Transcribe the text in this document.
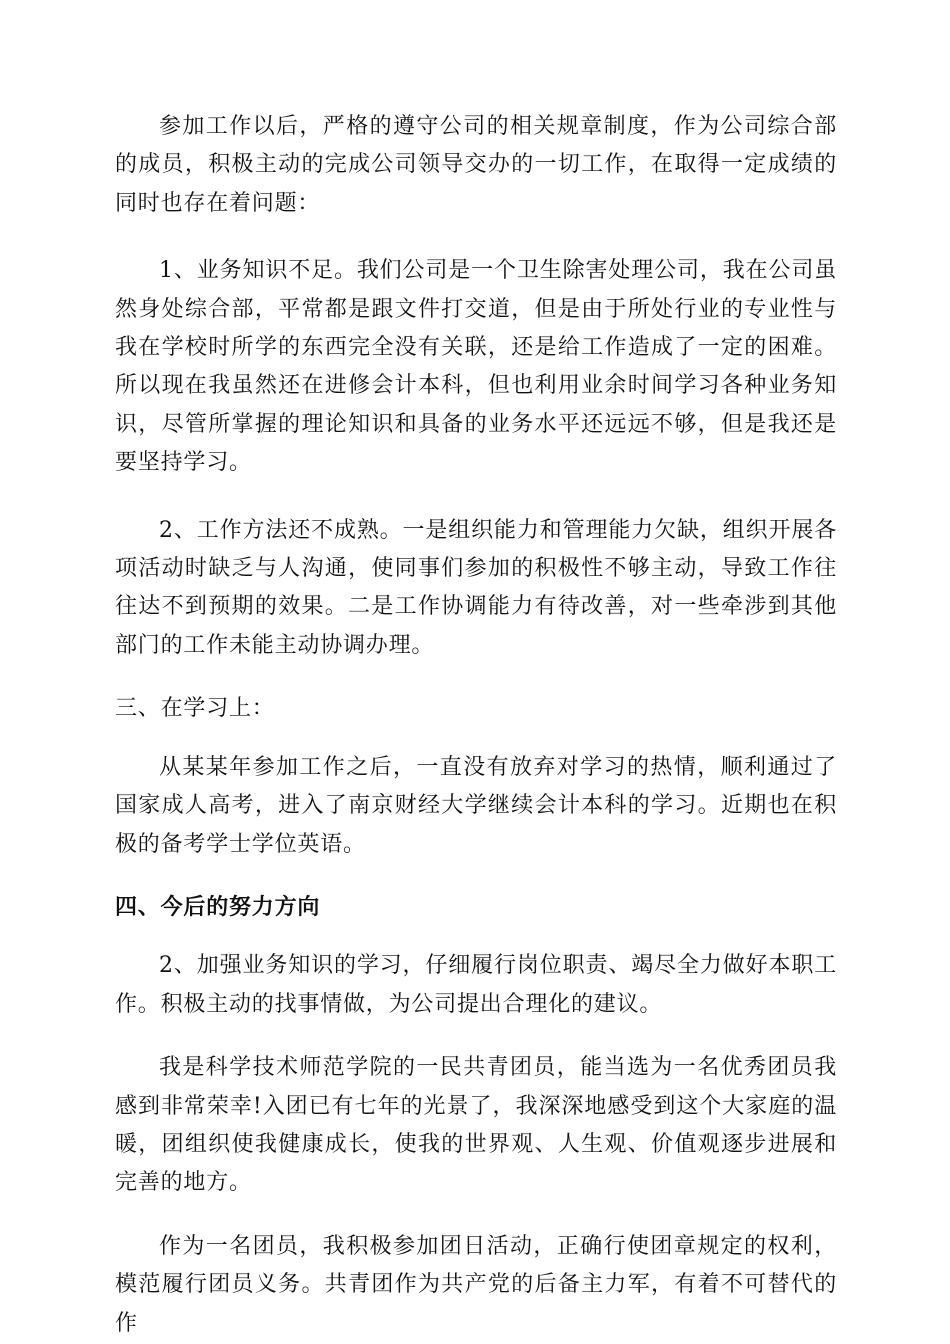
参加工作以后，严格的遵守公司的相关规章制度，作为公司综合部的成员，积极主动的完成公司领导交办的一切工作，在取得一定成绩的同时也存在着问题：

1、业务知识不足。我们公司是一个卫生除害处理公司，我在公司虽然身处综合部，平常都是跟文件打交道，但是由于所处行业的专业性与我在学校时所学的东西完全没有关联，还是给工作造成了一定的困难。所以现在我虽然还在进修会计本科，但也利用业余时间学习各种业务知识，尽管所掌握的理论知识和具备的业务水平还远远不够，但是我还是要坚持学习。

2、工作方法还不成熟。一是组织能力和管理能力欠缺，组织开展各项活动时缺乏与人沟通，使同事们参加的积极性不够主动，导致工作往往达不到预期的效果。二是工作协调能力有待改善，对一些牵涉到其他部门的工作未能主动协调办理。

三、在学习上：

从某某年参加工作之后，一直没有放弃对学习的热情，顺利通过了国家成人高考，进入了南京财经大学继续会计本科的学习。近期也在积极的备考学士学位英语。

四、今后的努力方向

2、加强业务知识的学习，仔细履行岗位职责、竭尽全力做好本职工作。积极主动的找事情做，为公司提出合理化的建议。

我是科学技术师范学院的一民共青团员，能当选为一名优秀团员我感到非常荣幸!入团已有七年的光景了，我深深地感受到这个大家庭的温暖，团组织使我健康成长，使我的世界观、人生观、价值观逐步进展和完善的地方。

作为一名团员，我积极参加团日活动，正确行使团章规定的权利，模范履行团员义务。共青团作为共产党的后备主力军，有着不可替代的作
